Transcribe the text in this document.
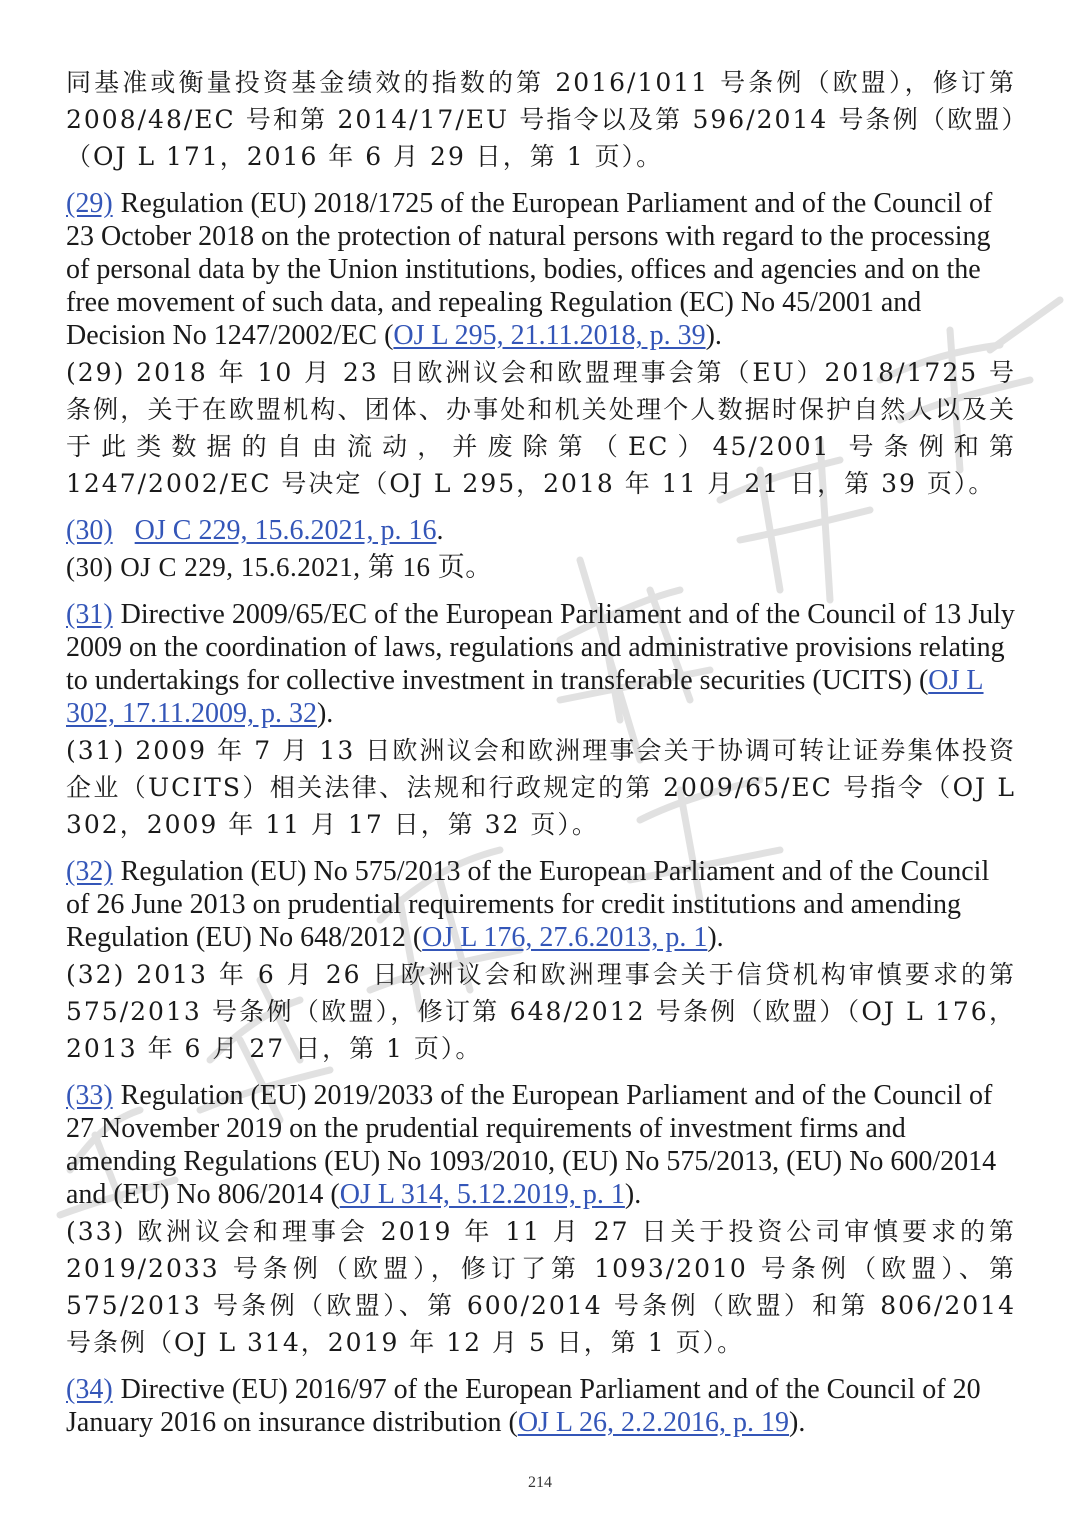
同基准或衡量投资基金绩效的指数的第 2016/1011 号条例（欧盟），修订第 2008/48/EC 号和第 2014/17/EU 号指令以及第 596/2014 号条例（欧盟）（OJ L 171，2016 年 6 月 29 日，第 1 页）。

(29) Regulation (EU) 2018/1725 of the European Parliament and of the Council of 23 October 2018 on the protection of natural persons with regard to the processing of personal data by the Union institutions, bodies, offices and agencies and on the free movement of such data, and repealing Regulation (EC) No 45/2001 and Decision No 1247/2002/EC (OJ L 295, 21.11.2018, p. 39).

(29) 2018 年 10 月 23 日欧洲议会和欧盟理事会第（EU）2018/1725 号条例，关于在欧盟机构、团体、办事处和机关处理个人数据时保护自然人以及关于此类数据的自由流动，并废除第（EC）45/2001 号条例和第 1247/2002/EC 号决定（OJ L 295，2018 年 11 月 21 日，第 39 页）。

(30) OJ C 229, 15.6.2021, p. 16.

(30) OJ C 229, 15.6.2021, 第 16 页。

(31) Directive 2009/65/EC of the European Parliament and of the Council of 13 July 2009 on the coordination of laws, regulations and administrative provisions relating to undertakings for collective investment in transferable securities (UCITS) (OJ L 302, 17.11.2009, p. 32).

(31) 2009 年 7 月 13 日欧洲议会和欧洲理事会关于协调可转让证券集体投资企业（UCITS）相关法律、法规和行政规定的第 2009/65/EC 号指令（OJ L 302，2009 年 11 月 17 日，第 32 页）。

(32) Regulation (EU) No 575/2013 of the European Parliament and of the Council of 26 June 2013 on prudential requirements for credit institutions and amending Regulation (EU) No 648/2012 (OJ L 176, 27.6.2013, p. 1).

(32) 2013 年 6 月 26 日欧洲议会和欧洲理事会关于信贷机构审慎要求的第 575/2013 号条例（欧盟），修订第 648/2012 号条例（欧盟）（OJ L 176，2013 年 6 月 27 日，第 1 页）。

(33) Regulation (EU) 2019/2033 of the European Parliament and of the Council of 27 November 2019 on the prudential requirements of investment firms and amending Regulations (EU) No 1093/2010, (EU) No 575/2013, (EU) No 600/2014 and (EU) No 806/2014 (OJ L 314, 5.12.2019, p. 1).

(33) 欧洲议会和理事会 2019 年 11 月 27 日关于投资公司审慎要求的第 2019/2033 号条例（欧盟），修订了第 1093/2010 号条例（欧盟）、第 575/2013 号条例（欧盟）、第 600/2014 号条例（欧盟）和第 806/2014 号条例（OJ L 314，2019 年 12 月 5 日，第 1 页）。

(34) Directive (EU) 2016/97 of the European Parliament and of the Council of 20 January 2016 on insurance distribution (OJ L 26, 2.2.2016, p. 19).

214
